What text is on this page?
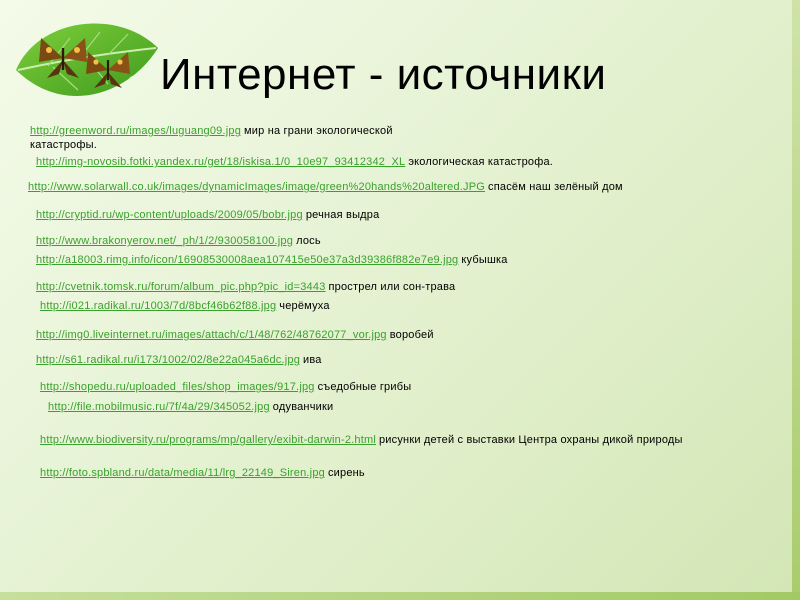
Интернет - источники
http://greenword.ru/images/luguang09.jpg мир на грани экологической
катастрофы.
http://img-novosib.fotki.yandex.ru/get/18/iskisa.1/0_10e97_93412342_XL экологическая катастрофа.
http://www.solarwall.co.uk/images/dynamicImages/image/green%20hands%20altered.JPG спасём наш зелёный дом
http://cryptid.ru/wp-content/uploads/2009/05/bobr.jpg речная выдра
http://www.brakonyerov.net/_ph/1/2/930058100.jpg лось
http://a18003.rimg.info/icon/16908530008aea107415e50e37a3d39386f882e7e9.jpg кубышка
http://cvetnik.tomsk.ru/forum/album_pic.php?pic_id=3443 прострел или сон-трава
http://i021.radikal.ru/1003/7d/8bcf46b62f88.jpg черёмуха
http://img0.liveinternet.ru/images/attach/c/1/48/762/48762077_vor.jpg воробей
http://s61.radikal.ru/i173/1002/02/8e22a045a6dc.jpg ива
http://shopedu.ru/uploaded_files/shop_images/917.jpg съедобные грибы
http://file.mobilmusic.ru/7f/4a/29/345052.jpg одуванчики
http://www.biodiversity.ru/programs/mp/gallery/exibit-darwin-2.html рисунки детей с выставки Центра охраны дикой природы
http://foto.spbland.ru/data/media/11/lrg_22149_Siren.jpg сирень
